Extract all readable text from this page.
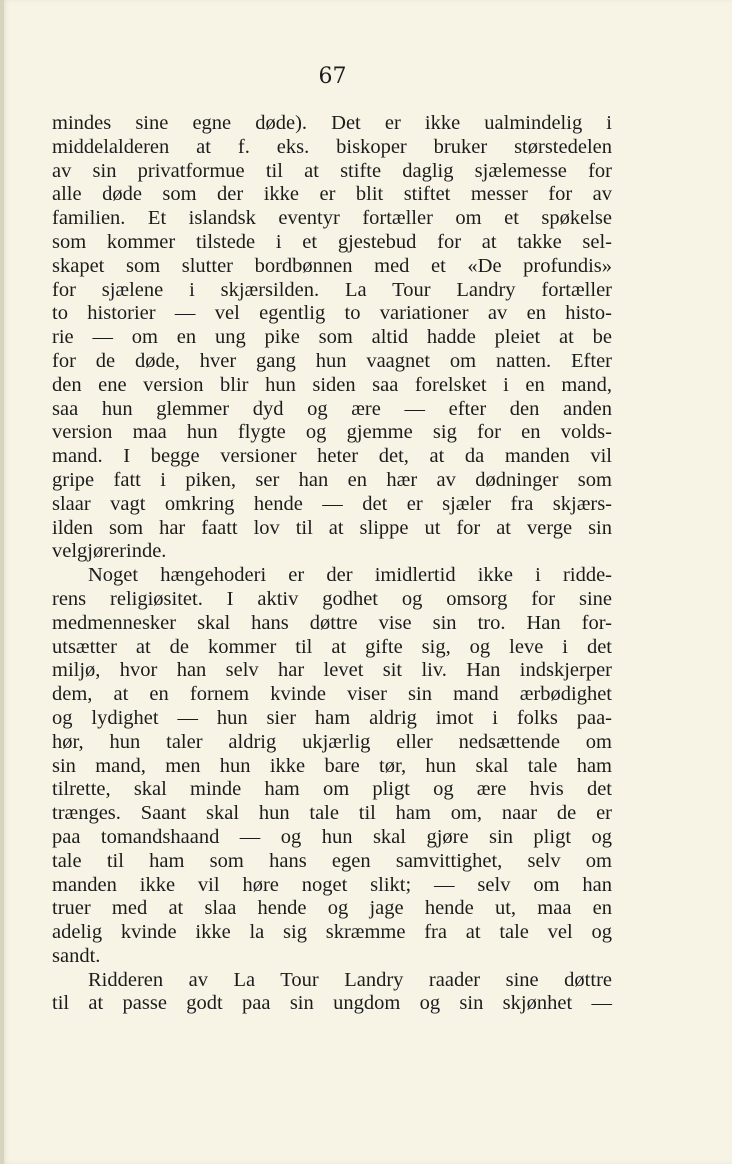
67
mindes sine egne døde). Det er ikke ualmindelig i
middelalderen at f. eks. biskoper bruker størstedelen
av sin privatformue til at stifte daglig sjælemesse for
alle døde som der ikke er blit stiftet messer for av
familien. Et islandsk eventyr fortæller om et spøkelse
som kommer tilstede i et gjestebud for at takke sel-
skapet som slutter bordbønnen med et «De profundis»
for sjælene i skjærsilden. La Tour Landry fortæller
to historier — vel egentlig to variationer av en histo-
rie — om en ung pike som altid hadde pleiet at be
for de døde, hver gang hun vaagnet om natten. Efter
den ene version blir hun siden saa forelsket i en mand,
saa hun glemmer dyd og ære — efter den anden
version maa hun flygte og gjemme sig for en volds-
mand. I begge versioner heter det, at da manden vil
gripe fatt i piken, ser han en hær av dødninger som
slaar vagt omkring hende — det er sjæler fra skjærs-
ilden som har faatt lov til at slippe ut for at verge sin
velgjørerinde.
Noget hængehoderi er der imidlertid ikke i ridde-
rens religiøsitet. I aktiv godhet og omsorg for sine
medmennesker skal hans døttre vise sin tro. Han for-
utsætter at de kommer til at gifte sig, og leve i det
miljø, hvor han selv har levet sit liv. Han indskjerper
dem, at en fornem kvinde viser sin mand ærbødighet
og lydighet — hun sier ham aldrig imot i folks paa-
hør, hun taler aldrig ukjærlig eller nedsættende om
sin mand, men hun ikke bare tør, hun skal tale ham
tilrette, skal minde ham om pligt og ære hvis det
trænges. Saant skal hun tale til ham om, naar de er
paa tomandshaand — og hun skal gjøre sin pligt og
tale til ham som hans egen samvittighet, selv om
manden ikke vil høre noget slikt; — selv om han
truer med at slaa hende og jage hende ut, maa en
adelig kvinde ikke la sig skræmme fra at tale vel og
sandt.
Ridderen av La Tour Landry raader sine døttre
til at passe godt paa sin ungdom og sin skjønhet —
